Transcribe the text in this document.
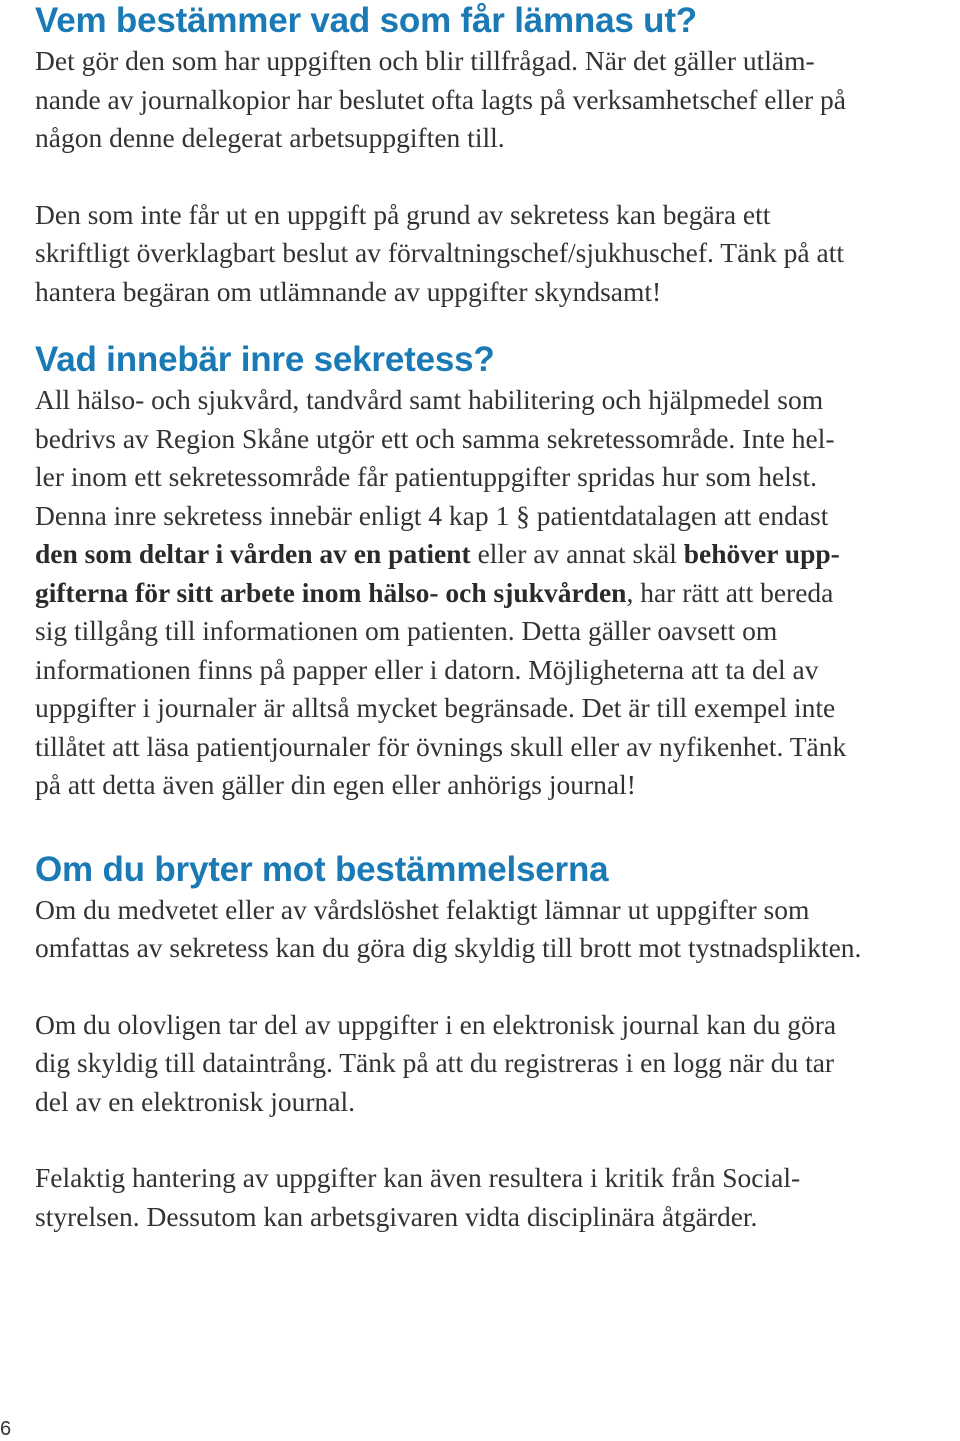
Vem bestämmer vad som får lämnas ut?

Det gör den som har uppgiften och blir tillfrågad. När det gäller utläm-
nande av journalkopior har beslutet ofta lagts på verksamhetschef eller på
någon denne delegerat arbetsuppgiften till.

Den som inte får ut en uppgift på grund av sekretess kan begära ett
skriftligt överklagbart beslut av förvaltningschef/sjukhuschef. Tänk på att
hantera begäran om utlämnande av uppgifter skyndsamt!

Vad innebär inre sekretess?

All hälso- och sjukvård, tandvård samt habilitering och hjälpmedel som
bedrivs av Region Skåne utgör ett och samma sekretessområde. Inte hel-
ler inom ett sekretessområde får patientuppgifter spridas hur som helst.
Denna inre sekretess innebär enligt 4 kap 1 § patientdatalagen att endast
den som deltar i vården av en patient eller av annat skäl behöver upp-
gifterna för sitt arbete inom hälso- och sjukvården, har rätt att bereda
sig tillgång till informationen om patienten. Detta gäller oavsett om
informationen finns på papper eller i datorn. Möjligheterna att ta del av
uppgifter i journaler är alltså mycket begränsade. Det är till exempel inte
tillåtet att läsa patientjournaler för övnings skull eller av nyfikenhet. Tänk
på att detta även gäller din egen eller anhörigs journal!

Om du bryter mot bestämmelserna

Om du medvetet eller av vårdslöshet felaktigt lämnar ut uppgifter som
omfattas av sekretess kan du göra dig skyldig till brott mot tystnadsplikten.

Om du olovligen tar del av uppgifter i en elektronisk journal kan du göra
dig skyldig till dataintrång. Tänk på att du registreras i en logg när du tar
del av en elektronisk journal.

Felaktig hantering av uppgifter kan även resultera i kritik från Social-
styrelsen. Dessutom kan arbetsgivaren vidta disciplinära åtgärder.

6
